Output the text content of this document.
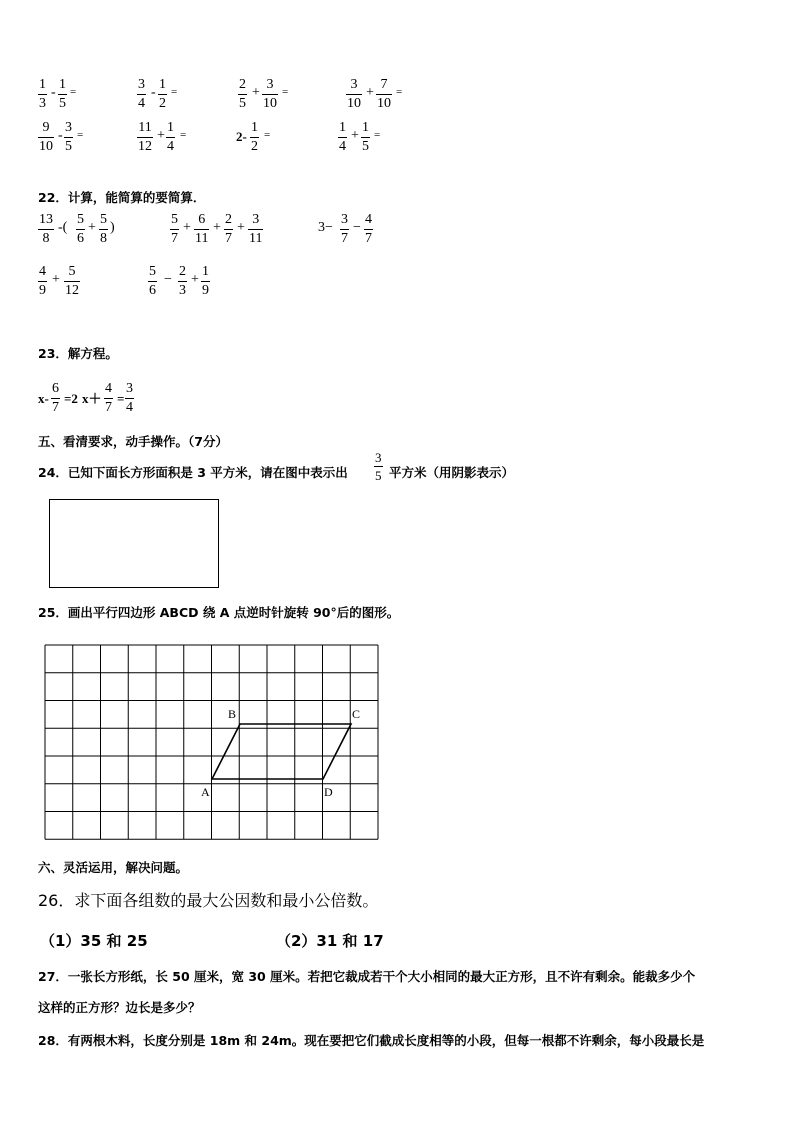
$\frac{1}{3} - \frac{1}{5}$ =	$\frac{3}{4} - \frac{1}{2}$ =	$\frac{2}{5} + \frac{3}{10}$ =	$\frac{3}{10} + \frac{7}{10}$ =
$\frac{9}{10} - \frac{3}{5}$ =	$\frac{11}{12} + \frac{1}{4}$ =	$2- \frac{1}{2}$ =	$\frac{1}{4} + \frac{1}{5}$ =
22．计算，能简算的要简算．
$\frac{13}{8}$ -( $\frac{5}{6} + \frac{5}{8}$ )	$\frac{5}{7} + \frac{6}{11} + \frac{2}{7} + \frac{3}{11}$	$3- \frac{3}{7} - \frac{4}{7}$
$\frac{4}{9} + \frac{5}{12}$	$\frac{5}{6} - \frac{2}{3} + \frac{1}{9}$
23．解方程。
$x- \frac{6}{7} =2$ $x+ \frac{4}{7} = \frac{3}{4}$
五、看清要求，动手操作。（7分）
24．已知下面长方形面积是 3 平方米，请在图中表示出 $\frac{3}{5}$ 平方米（用阴影表示）
25．画出平行四边形 ABCD 绕 A 点逆时针旋转 90°后的图形。
B	C
A	D
六、灵活运用，解决问题。
26．求下面各组数的最大公因数和最小公倍数。
（1）35 和 25	（2）31 和 17
27．一张长方形纸，长 50 厘米，宽 30 厘米。若把它裁成若干个大小相同的最大正方形，且不许有剩余。能裁多少个
这样的正方形？边长是多少？
28．有两根木料，长度分别是 18m 和 24m。现在要把它们截成长度相等的小段，但每一根都不许剩余，每小段最长是
